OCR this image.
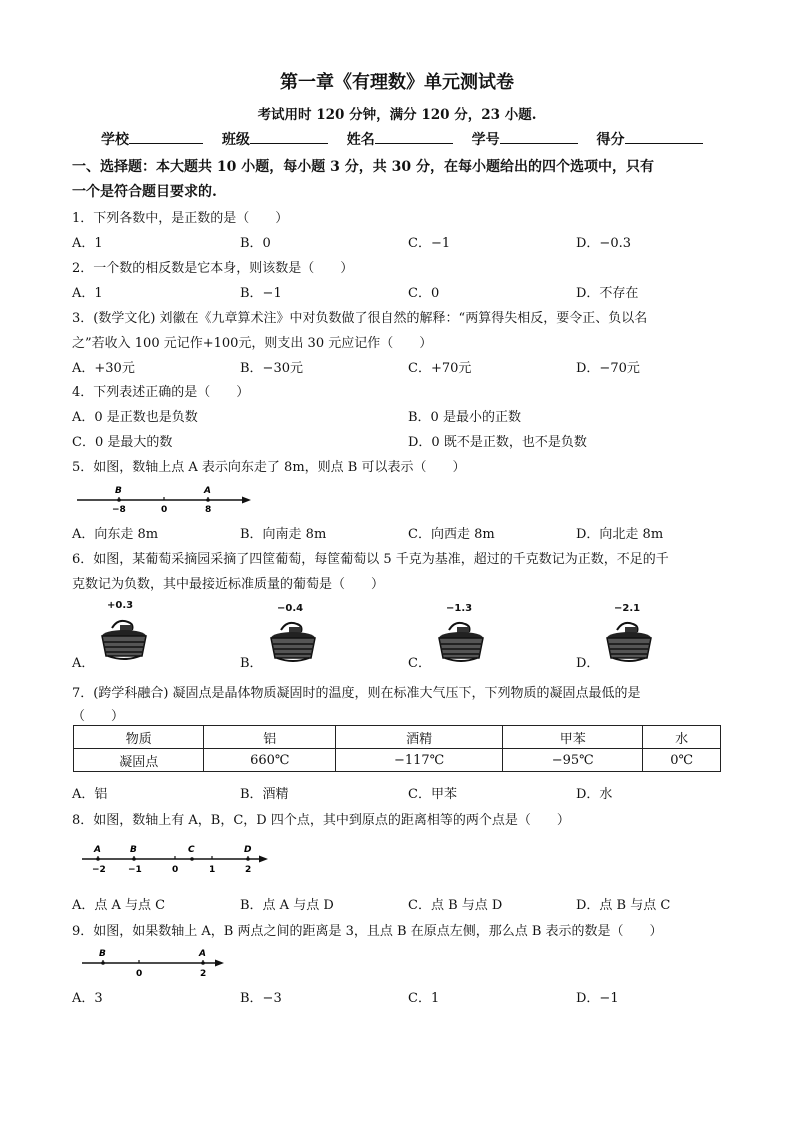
第一章《有理数》单元测试卷
考试用时 120 分钟，满分 120 分，23 小题.
学校	班级	姓名	学号	得分
一、选择题：本大题共 10 小题，每小题 3 分，共 30 分，在每小题给出的四个选项中，只有
一个是符合题目要求的.
1．下列各数中，是正数的是（　　）
A．1	B．0	C．−1	D．−0.3
2．一个数的相反数是它本身，则该数是（　　）
A．1	B．−1	C．0	D．不存在
3．(数学文化) 刘徽在《九章算术注》中对负数做了很自然的解释：“两算得失相反，要令正、负以名
之”若收入 100 元记作+100元，则支出 30 元应记作（　　）
A．+30元	B．−30元	C．+70元	D．−70元
4．下列表述正确的是（　　）
A．0 是正数也是负数	B．0 是最小的正数
C．0 是最大的数	D．0 既不是正数，也不是负数
5．如图，数轴上点 A 表示向东走了 8m，则点 B 可以表示（　　）
B	A
−8	0	8
A．向东走 8m	B．向南走 8m	C．向西走 8m	D．向北走 8m
6．如图，某葡萄采摘园采摘了四筐葡萄，每筐葡萄以 5 千克为基准，超过的千克数记为正数，不足的千
克数记为负数，其中最接近标准质量的葡萄是（　　）
+0.3	−0.4	−1.3	−2.1
A．	B．	C．	D．
7．(跨学科融合) 凝固点是晶体物质凝固时的温度，则在标准大气压下，下列物质的凝固点最低的是
（　　）
物质	铝	酒精	甲苯	水
凝固点	660℃	−117℃	−95℃	0℃
A．铝	B．酒精	C．甲苯	D．水
8．如图，数轴上有 A，B，C，D 四个点，其中到原点的距离相等的两个点是（　　）
A	B	C	D
−2 −1	0	1	2
A．点 A 与点 C	B．点 A 与点 D	C．点 B 与点 D	D．点 B 与点 C
9．如图，如果数轴上 A，B 两点之间的距离是 3，且点 B 在原点左侧，那么点 B 表示的数是（　　）
B	A
0	2
A．3	B．−3	C．1	D．−1
